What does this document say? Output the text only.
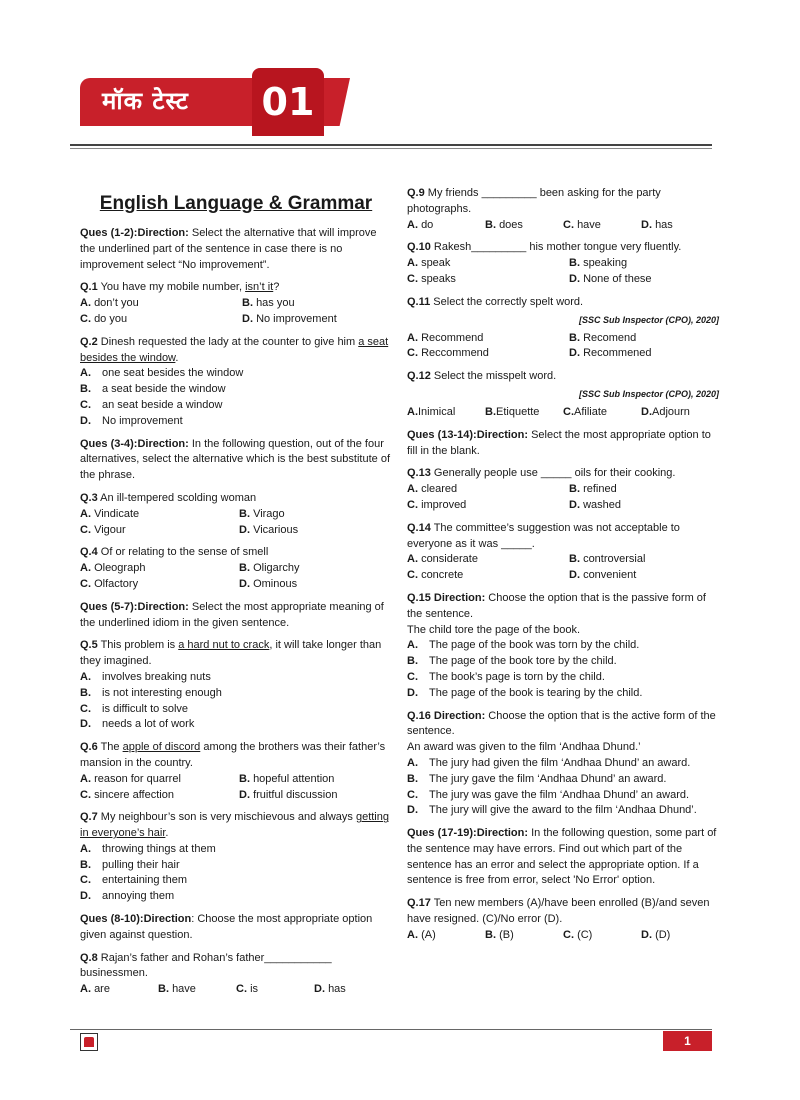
मॉक टेस्ट 01
English Language & Grammar
Ques (1-2):Direction: Select the alternative that will improve the underlined part of the sentence in case there is no improvement select “No improvement”.
Q.1 You have my mobile number, isn’t it?
A. don’t you	B. has you
C. do you	D. No improvement
Q.2 Dinesh requested the lady at the counter to give him a seat besides the window.
A.	one seat besides the window
B.	a seat beside the window
C.	an seat beside a window
D.	No improvement
Ques (3-4):Direction: In the following question, out of the four alternatives, select the alternative which is the best substitute of the phrase.
Q.3 An ill-tempered scolding woman
A. Vindicate	B. Virago
C. Vigour	D. Vicarious
Q.4 Of or relating to the sense of smell
A. Oleograph	B. Oligarchy
C. Olfactory	D. Ominous
Ques (5-7):Direction: Select the most appropriate meaning of the underlined idiom in the given sentence.
Q.5 This problem is a hard nut to crack, it will take longer than they imagined.
A.	involves breaking nuts
B.	is not interesting enough
C.	is difficult to solve
D.	needs a lot of work
Q.6 The apple of discord among the brothers was their father’s mansion in the country.
A. reason for quarrel	B. hopeful attention
C. sincere affection	D. fruitful discussion
Q.7 My neighbour’s son is very mischievous and always getting in everyone’s hair.
A.	throwing things at them
B.	pulling their hair
C.	entertaining them
D.	annoying them
Ques (8-10):Direction: Choose the most appropriate option given against question.
Q.8 Rajan’s father and Rohan’s father___________ businessmen.
A. are	B. have	C. is	D. has
Q.9 My friends _________ been asking for the party photographs.
A. do	B. does	C. have	D. has
Q.10 Rakesh_________ his mother tongue very fluently.
A. speak	B. speaking
C. speaks	D. None of these
Q.11 Select the correctly spelt word.
[SSC Sub Inspector (CPO), 2020]
A. Recommend	B. Recomend
C. Reccommend	D. Recommened
Q.12 Select the misspelt word.
[SSC Sub Inspector (CPO), 2020]
A.Inimical	B.Etiquette	C.Afiliate	D.Adjourn
Ques (13-14):Direction: Select the most appropriate option to fill in the blank.
Q.13 Generally people use _____ oils for their cooking.
A. cleared	B. refined
C. improved	D. washed
Q.14 The committee’s suggestion was not acceptable to everyone as it was _____.
A. considerate	B. controversial
C. concrete	D. convenient
Q.15 Direction: Choose the option that is the passive form of the sentence.
The child tore the page of the book.
A.	The page of the book was torn by the child.
B.	The page of the book tore by the child.
C.	The book’s page is torn by the child.
D.	The page of the book is tearing by the child.
Q.16 Direction: Choose the option that is the active form of the sentence.
An award was given to the film ‘Andhaa Dhund.’
A.	The jury had given the film ‘Andhaa Dhund’ an award.
B.	The jury gave the film ‘Andhaa Dhund’ an award.
C.	The jury was gave the film ‘Andhaa Dhund’ an award.
D.	The jury will give the award to the film ‘Andhaa Dhund’.
Ques (17-19):Direction: In the following question, some part of the sentence may have errors. Find out which part of the sentence has an error and select the appropriate option. If a sentence is free from error, select 'No Error' option.
Q.17 Ten new members (A)/have been enrolled (B)/and seven have resigned. (C)/No error (D).
A. (A)	B. (B)	C. (C)	D. (D)
1
